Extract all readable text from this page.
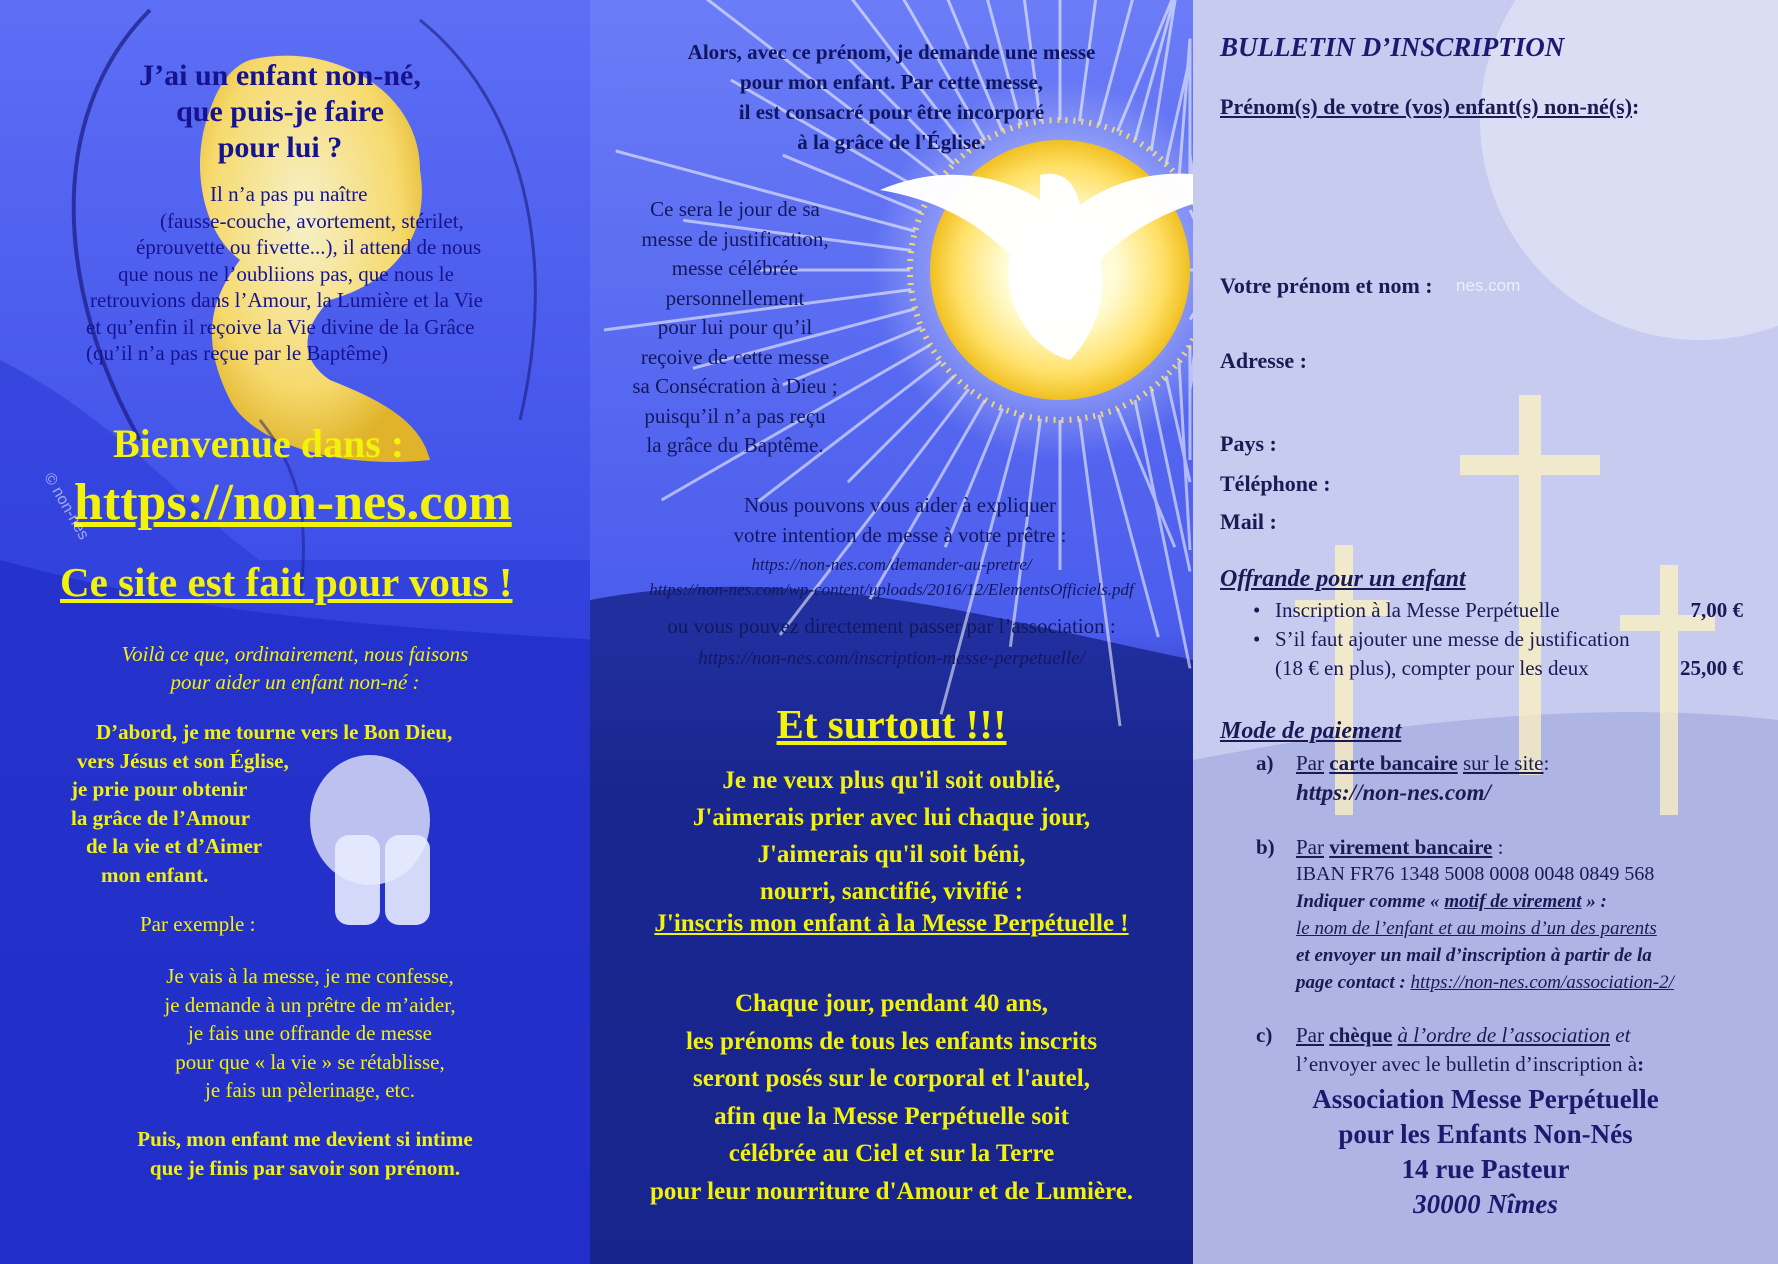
J’ai un enfant non-né,
que puis-je faire
pour lui ?
Il n’a pas pu naître
(fausse-couche, avortement, stérilet,
éprouvette ou fivette...), il attend de nous
que nous ne l’oubliions pas, que nous le
retrouvions dans l’Amour, la Lumière et la Vie
et qu’enfin il reçoive la Vie divine de la Grâce
(qu’il n’a pas reçue par le Baptême)
Bienvenue dans :
https://non-nes.com
Ce site est fait pour vous !
Voilà ce que, ordinairement, nous faisons
pour aider un enfant non-né :
D’abord, je me tourne vers le Bon Dieu,
vers Jésus et son Église,
je prie pour obtenir
la grâce de l’Amour
de la vie et d’Aimer
mon enfant.
Par exemple :
Je vais à la messe, je me confesse,
je demande à un prêtre de m’aider,
je fais une offrande de messe
pour que « la vie » se rétablisse,
je fais un pèlerinage, etc.
Puis, mon enfant me devient si intime
que je finis par savoir son prénom.
© non-nes
Alors, avec ce prénom, je demande une messe
pour mon enfant. Par cette messe,
il est consacré pour être incorporé
à la grâce de l'Église.
Ce sera le jour de sa
messe de justification,
messe célébrée
personnellement
pour lui pour qu’il
reçoive de cette messe
sa Consécration à Dieu ;
puisqu’il n’a pas reçu
la grâce du Baptême.
Nous pouvons vous aider à expliquer
votre intention de messe à votre prêtre :
https://non-nes.com/demander-au-pretre/
https://non-nes.com/wp-content/uploads/2016/12/ElementsOfficiels.pdf
ou vous pouvez directement passer par l’association :
https://non-nes.com/inscription-messe-perpetuelle/
Et surtout !!!
Je ne veux plus qu'il soit oublié,
J'aimerais prier avec lui chaque jour,
J'aimerais qu'il soit béni,
nourri, sanctifié, vivifié :
J'inscris mon enfant à la Messe Perpétuelle !
Chaque jour, pendant 40 ans,
les prénoms de tous les enfants inscrits
seront posés sur le corporal et l'autel,
afin que la Messe Perpétuelle soit
célébrée au Ciel et sur la Terre
pour leur nourriture d'Amour et de Lumière.
BULLETIN D’INSCRIPTION
Prénom(s) de votre (vos) enfant(s) non-né(s):
Votre prénom et nom :
Adresse :
Pays :
Téléphone :
Mail :
Offrande pour un enfant
• Inscription à la Messe Perpétuelle	7,00 €
• S’il faut ajouter une messe de justification
(18 € en plus), compter pour les deux	25,00 €
Mode de paiement
a) Par carte bancaire sur le site:
https://non-nes.com/
b) Par virement bancaire :
IBAN FR76 1348 5008 0008 0048 0849 568
Indiquer comme « motif de virement » :
le nom de l’enfant et au moins d’un des parents
et envoyer un mail d’inscription à partir de la
page contact : https://non-nes.com/association-2/
c) Par chèque à l’ordre de l’association et
l’envoyer avec le bulletin d’inscription à:
Association Messe Perpétuelle
pour les Enfants Non-Nés
14 rue Pasteur
30000 Nîmes
nes.com
